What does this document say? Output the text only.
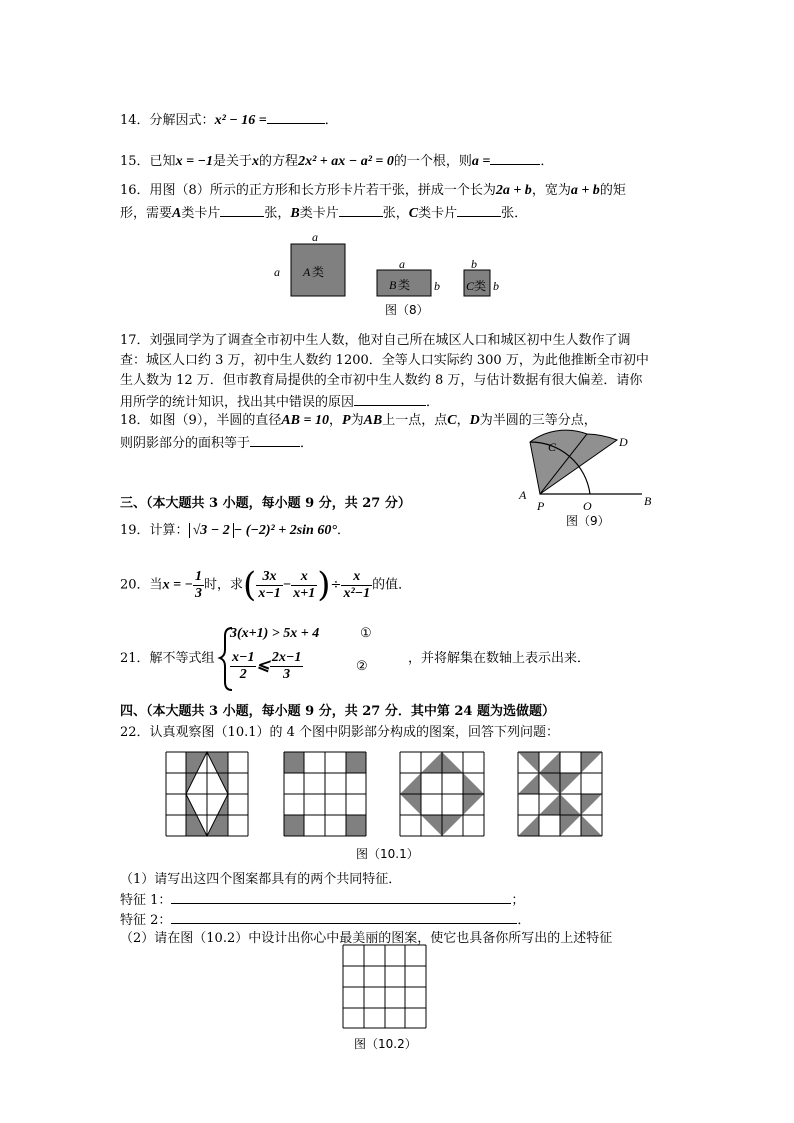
14．分解因式：x² − 16 =	．
15．已知x = −1是关于x的方程2x² + ax − a² = 0的一个根，则a =	．
16．用图（8）所示的正方形和长方形卡片若干张，拼成一个长为2a + b，宽为a + b的矩
形，需要A类卡片	张，B类卡片	张，C类卡片	张．
a
a A 类
a
B 类 b
b
C 类 b
图（8）
17．刘强同学为了调查全市初中生人数，他对自己所在城区人口和城区初中生人数作了调
查：城区人口约 3 万，初中生人数约 1200．全等人口实际约 300 万，为此他推断全市初中
生人数为 12 万．但市教育局提供的全市初中生人数约 8 万，与估计数据有很大偏差．请你
用所学的统计知识，找出其中错误的原因	．
18．如图（9），半圆的直径AB = 10，P为AB上一点，点C，D为半圆的三等分点，
则阴影部分的面积等于	．
A
P	O	B
C	D
图（9）
三、（本大题共 3 小题，每小题 9 分，共 27 分）
19．计算： √3 − 2 − (−2)² + 2sin 60°．
20．当x = − $\frac{1}{3}$ 时，求( $\frac{3x}{x-1} - \frac{x}{x+1}$ )÷ $\frac{x}{\text{x²−1}}$ 的值．
21．解不等式组
3(x+1) > 5x + 4	①
$\frac{x-1}{2}$ ⩽ $\frac{2x-1}{3}$	②
，并将解集在数轴上表示出来．
四、（本大题共 3 小题，每小题 9 分，共 27 分．其中第 24 题为选做题）
22．认真观察图（10.1）的 4 个图中阴影部分构成的图案，回答下列问题：
图（10.1）
图（10.2）
（1）请写出这四个图案都具有的两个共同特征．
特征 1：	；
特征 2：	．
（2）请在图（10.2）中设计出你心中最美丽的图案，使它也具备你所写出的上述特征
